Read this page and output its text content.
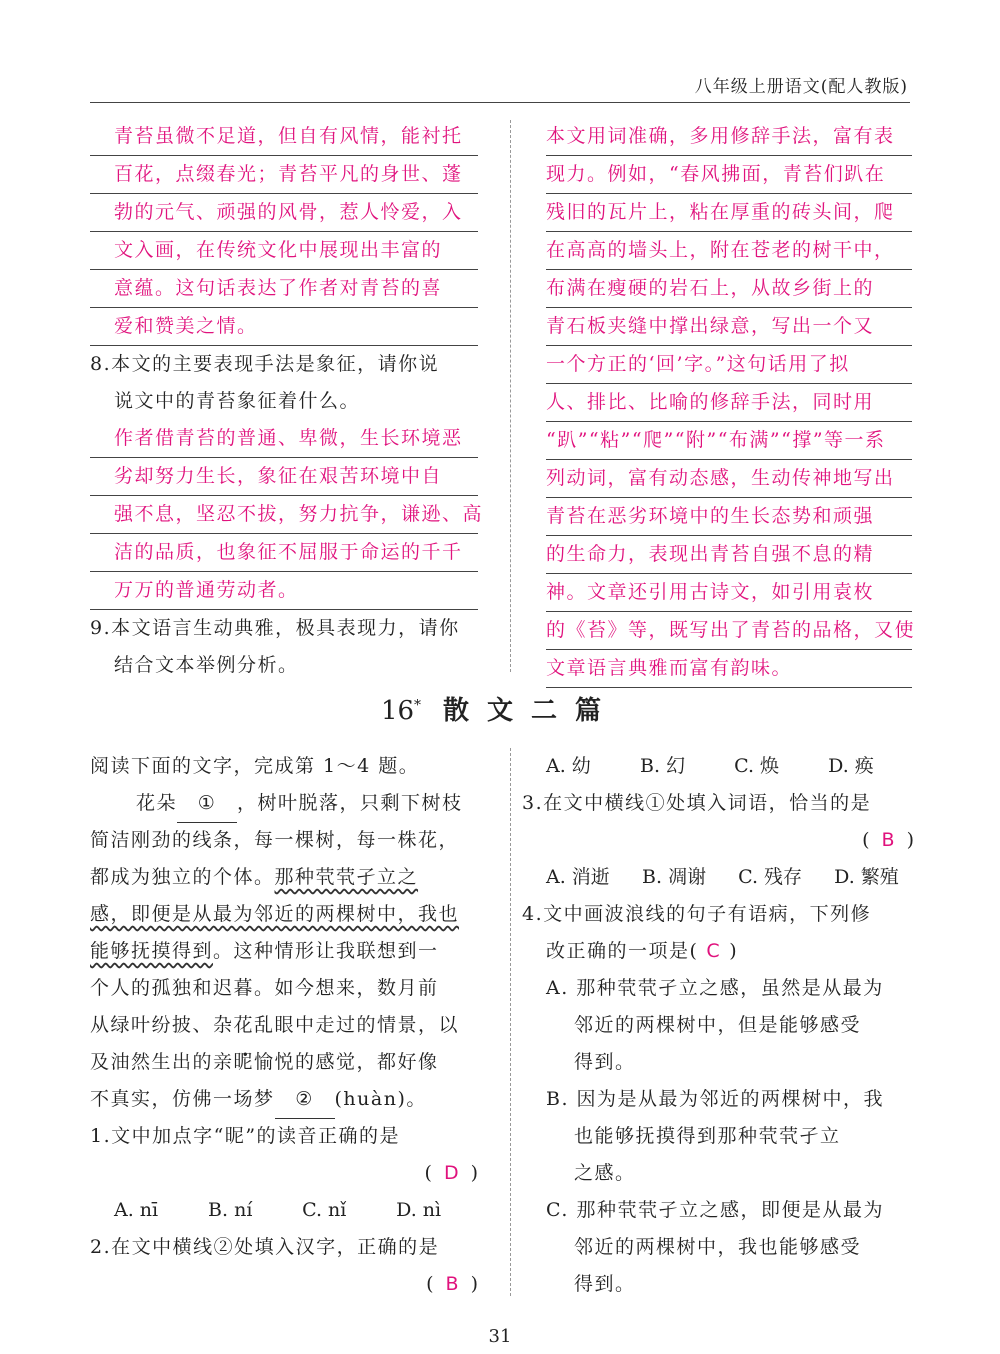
八年级上册语文(配人教版)
青苔虽微不足道，但自有风情，能衬托
百花，点缀春光；青苔平凡的身世、蓬
勃的元气、顽强的风骨，惹人怜爱，入
文入画，在传统文化中展现出丰富的
意蕴。这句话表达了作者对青苔的喜
爱和赞美之情。
8.本文的主要表现手法是象征，请你说
说文中的青苔象征着什么。
作者借青苔的普通、卑微，生长环境恶
劣却努力生长，象征在艰苦环境中自
强不息，坚忍不拔，努力抗争，谦逊、高
洁的品质，也象征不屈服于命运的千千
万万的普通劳动者。
9.本文语言生动典雅，极具表现力，请你
结合文本举例分析。
本文用词准确，多用修辞手法，富有表
现力。例如，“春风拂面，青苔们趴在
残旧的瓦片上，粘在厚重的砖头间，爬
在高高的墙头上，附在苍老的树干中，
布满在瘦硬的岩石上，从故乡街上的
青石板夹缝中撑出绿意，写出一个又
一个方正的‘回’字。”这句话用了拟
人、排比、比喻的修辞手法，同时用
“趴”“粘”“爬”“附”“布满”“撑”等一系
列动词，富有动态感，生动传神地写出
青苔在恶劣环境中的生长态势和顽强
的生命力，表现出青苔自强不息的精
神。文章还引用古诗文，如引用袁枚
的《苔》等，既写出了青苔的品格，又使
文章语言典雅而富有韵味。
16* 散文二篇
阅读下面的文字，完成第 1～4 题。
花朵 ① ，树叶脱落，只剩下树枝
简洁刚劲的线条，每一棵树，每一株花，
都成为独立的个体。那种茕茕孑立之
感，即便是从最为邻近的两棵树中，我也
能够抚摸得到。这种情形让我联想到一
个人的孤独和迟暮。如今想来，数月前
从绿叶纷披、杂花乱眼中走过的情景，以
及油然生出的亲昵愉悦的感觉，都好像
不真实，仿佛一场梦 ② (huàn)。
1.文中加点字“昵”的读音正确的是
( D )
A. nī	B. ní	C. nǐ	D. nì
2.在文中横线②处填入汉字，正确的是
( B )
A. 幼	B. 幻	C. 焕	D. 痪
3.在文中横线①处填入词语，恰当的是
( B )
A. 消逝 B. 凋谢 C. 残存 D. 繁殖
4.文中画波浪线的句子有语病，下列修
改正确的一项是( C )
A. 那种茕茕孑立之感，虽然是从最为
邻近的两棵树中，但是能够感受
得到。
B. 因为是从最为邻近的两棵树中，我
也能够抚摸得到那种茕茕孑立
之感。
C. 那种茕茕孑立之感，即便是从最为
邻近的两棵树中，我也能够感受
得到。
31
